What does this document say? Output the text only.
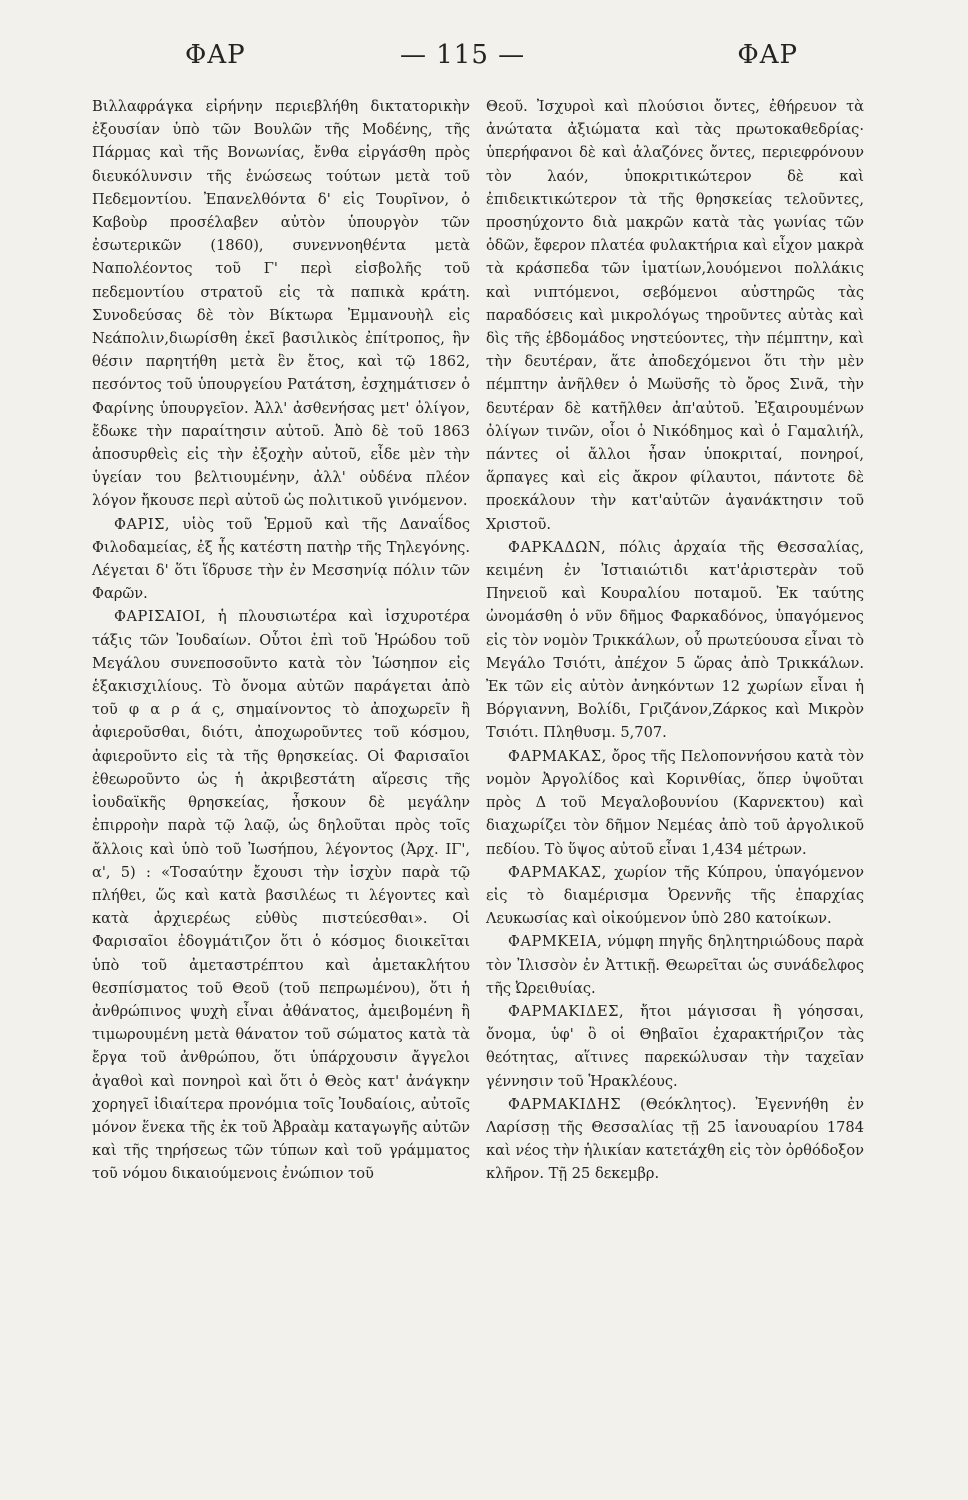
ΦΑΡ	— 115 —	ΦΑΡ

Βιλλαφράγκα εἰρήνην περιεβλήθη δικτατορικὴν ἐξουσίαν ὑπὸ τῶν Βουλῶν τῆς Μοδένης, τῆς Πάρμας καὶ τῆς Βονωνίας, ἔνθα εἰργάσθη πρὸς διευκόλυνσιν τῆς ἑνώσεως τούτων μετὰ τοῦ Πεδεμοντίου. Ἐπανελθόντα δ' εἰς Τουρῖνον, ὁ Καβοὺρ προσέλαβεν αὐτὸν ὑπουργὸν τῶν ἐσωτερικῶν (1860), συνεννοηθέντα μετὰ Ναπολέοντος τοῦ Γ' περὶ εἰσβολῆς τοῦ πεδεμοντίου στρατοῦ εἰς τὰ παπικὰ κράτη. Συνοδεύσας δὲ τὸν Βίκτωρα Ἐμμανουὴλ εἰς Νεάπολιν,διωρίσθη ἐκεῖ βασιλικὸς ἐπίτροπος, ἣν θέσιν παρητήθη μετὰ ἓν ἔτος, καὶ τῷ 1862, πεσόντος τοῦ ὑπουργείου Ρατάτση, ἐσχημάτισεν ὁ Φαρίνης ὑπουργεῖον. Ἀλλ' ἀσθενήσας μετ' ὀλίγον, ἔδωκε τὴν παραίτησιν αὐτοῦ. Ἀπὸ δὲ τοῦ 1863 ἀποσυρθεὶς εἰς τὴν ἐξοχὴν αὐτοῦ, εἶδε μὲν τὴν ὑγείαν του βελτιουμένην, ἀλλ' οὐδένα πλέον λόγον ἤκουσε περὶ αὐτοῦ ὡς πολιτικοῦ γινόμενον.

ΦΑΡΙΣ, υἱὸς τοῦ Ἑρμοῦ καὶ τῆς Δαναΐδος Φιλοδαμείας, ἐξ ἧς κατέστη πατὴρ τῆς Τηλεγόνης. Λέγεται δ' ὅτι ἵδρυσε τὴν ἐν Μεσσηνίᾳ πόλιν τῶν Φαρῶν.

ΦΑΡΙΣΑΙΟΙ, ἡ πλουσιωτέρα καὶ ἰσχυροτέρα τάξις τῶν Ἰουδαίων. Οὗτοι ἐπὶ τοῦ Ἡρώδου τοῦ Μεγάλου συνεποσοῦντο κατὰ τὸν Ἰώσηπον εἰς ἑξακισχιλίους. Τὸ ὄνομα αὐτῶν παράγεται ἀπὸ τοῦ φ α ρ ά ς, σημαίνοντος τὸ ἀποχωρεῖν ἢ ἀφιεροῦσθαι, διότι, ἀποχωροῦντες τοῦ κόσμου, ἀφιεροῦντο εἰς τὰ τῆς θρησκείας. Οἱ Φαρισαῖοι ἐθεωροῦντο ὡς ἡ ἀκριβεστάτη αἵρεσις τῆς ἰουδαϊκῆς θρησκείας, ἦσκουν δὲ μεγάλην ἐπιρροὴν παρὰ τῷ λαῷ, ὡς δηλοῦται πρὸς τοῖς ἄλλοις καὶ ὑπὸ τοῦ Ἰωσήπου, λέγοντος (Ἀρχ. ΙΓ', α', 5) : «Τοσαύτην ἔχουσι τὴν ἰσχὺν παρὰ τῷ πλήθει, ὥς καὶ κατὰ βασιλέως τι λέγοντες καὶ κατὰ ἀρχιερέως εὐθὺς πιστεύεσθαι». Οἱ Φαρισαῖοι ἐδογμάτιζον ὅτι ὁ κόσμος διοικεῖται ὑπὸ τοῦ ἀμεταστρέπτου καὶ ἀμετακλήτου θεσπίσματος τοῦ Θεοῦ (τοῦ πεπρωμένου), ὅτι ἡ ἀνθρώπινος ψυχὴ εἶναι ἀθάνατος, ἀμειβομένη ἢ τιμωρουμένη μετὰ θάνατον τοῦ σώματος κατὰ τὰ ἔργα τοῦ ἀνθρώπου, ὅτι ὑπάρχουσιν ἄγγελοι ἀγαθοὶ καὶ πονηροὶ καὶ ὅτι ὁ Θεὸς κατ' ἀνάγκην χορηγεῖ ἰδιαίτερα προνόμια τοῖς Ἰουδαίοις, αὐτοῖς μόνον ἕνεκα τῆς ἐκ τοῦ Ἀβραὰμ καταγωγῆς αὐτῶν καὶ τῆς τηρήσεως τῶν τύπων καὶ τοῦ γράμματος τοῦ νόμου δικαιούμενοις ἐνώπιον τοῦ

Θεοῦ. Ἰσχυροὶ καὶ πλούσιοι ὄντες, ἐθήρευον τὰ ἀνώτατα ἀξιώματα καὶ τὰς πρωτοκαθεδρίας· ὑπερήφανοι δὲ καὶ ἀλαζόνες ὄντες, περιεφρόνουν τὸν λαόν, ὑποκριτικώτερον δὲ καὶ ἐπιδεικτικώτερον τὰ τῆς θρησκείας τελοῦντες, προσηύχοντο διὰ μακρῶν κατὰ τὰς γωνίας τῶν ὁδῶν, ἔφερον πλατέα φυλακτήρια καὶ εἶχον μακρὰ τὰ κράσπεδα τῶν ἱματίων,λουόμενοι πολλάκις καὶ νιπτόμενοι, σεβόμενοι αὐστηρῶς τὰς παραδόσεις καὶ μικρολόγως τηροῦντες αὐτὰς καὶ δὶς τῆς ἑβδομάδος νηστεύοντες, τὴν πέμπτην, καὶ τὴν δευτέραν, ἅτε ἀποδεχόμενοι ὅτι τὴν μὲν πέμπτην ἀνῆλθεν ὁ Μωϋσῆς τὸ ὄρος Σινᾶ, τὴν δευτέραν δὲ κατῆλθεν ἀπ'αὐτοῦ. Ἐξαιρουμένων ὀλίγων τινῶν, οἷοι ὁ Νικόδημος καὶ ὁ Γαμαλιήλ, πάντες οἱ ἄλλοι ἦσαν ὑποκριταί, πονηροί, ἅρπαγες καὶ εἰς ἄκρον φίλαυτοι, πάντοτε δὲ προεκάλουν τὴν κατ'αὐτῶν ἀγανάκτησιν τοῦ Χριστοῦ.

ΦΑΡΚΑΔΩΝ, πόλις ἀρχαία τῆς Θεσσαλίας, κειμένη ἐν Ἰστιαιώτιδι κατ'ἀριστερὰν τοῦ Πηνειοῦ καὶ Κουραλίου ποταμοῦ. Ἐκ ταύτης ὠνομάσθη ὁ νῦν δῆμος Φαρκαδόνος, ὑπαγόμενος εἰς τὸν νομὸν Τρικκάλων, οὗ πρωτεύουσα εἶναι τὸ Μεγάλο Τσιότι, ἀπέχον 5 ὥρας ἀπὸ Τρικκάλων. Ἐκ τῶν εἰς αὐτὸν ἀνηκόντων 12 χωρίων εἶναι ἡ Βόργιαννη, Βολίδι, Γριζάνον,Ζάρκος καὶ Μικρὸν Τσιότι. Πληθυσμ. 5,707.

ΦΑΡΜΑΚΑΣ, ὄρος τῆς Πελοποννήσου κατὰ τὸν νομὸν Ἀργολίδος καὶ Κορινθίας, ὅπερ ὑψοῦται πρὸς Δ τοῦ Μεγαλοβουνίου (Καρνεκτου) καὶ διαχωρίζει τὸν δῆμον Νεμέας ἀπὸ τοῦ ἀργολικοῦ πεδίου. Τὸ ὕψος αὐτοῦ εἶναι 1,434 μέτρων.

ΦΑΡΜΑΚΑΣ, χωρίον τῆς Κύπρου, ὑπαγόμενον εἰς τὸ διαμέρισμα Ὀρεννῆς τῆς ἐπαρχίας Λευκωσίας καὶ οἰκούμενον ὑπὸ 280 κατοίκων.

ΦΑΡΜΚΕΙΑ, νύμφη πηγῆς δηλητηριώδους παρὰ τὸν Ἰλισσὸν ἐν Ἀττικῇ. Θεωρεῖται ὡς συνάδελφος τῆς Ὠρειθυίας.

ΦΑΡΜΑΚΙΔΕΣ, ἤτοι μάγισσαι ἢ γόησσαι, ὄνομα, ὑφ' ὃ οἱ Θηβαῖοι ἐχαρακτήριζον τὰς θεότητας, αἵτινες παρεκώλυσαν τὴν ταχεῖαν γέννησιν τοῦ Ἡρακλέους.

ΦΑΡΜΑΚΙΔΗΣ (Θεόκλητος). Ἐγεννήθη ἐν Λαρίσσῃ τῆς Θεσσαλίας τῇ 25 ἰανουαρίου 1784 καὶ νέος τὴν ἡλικίαν κατετάχθη εἰς τὸν ὀρθόδοξον κλῆρον. Τῇ 25 δεκεμβρ.
